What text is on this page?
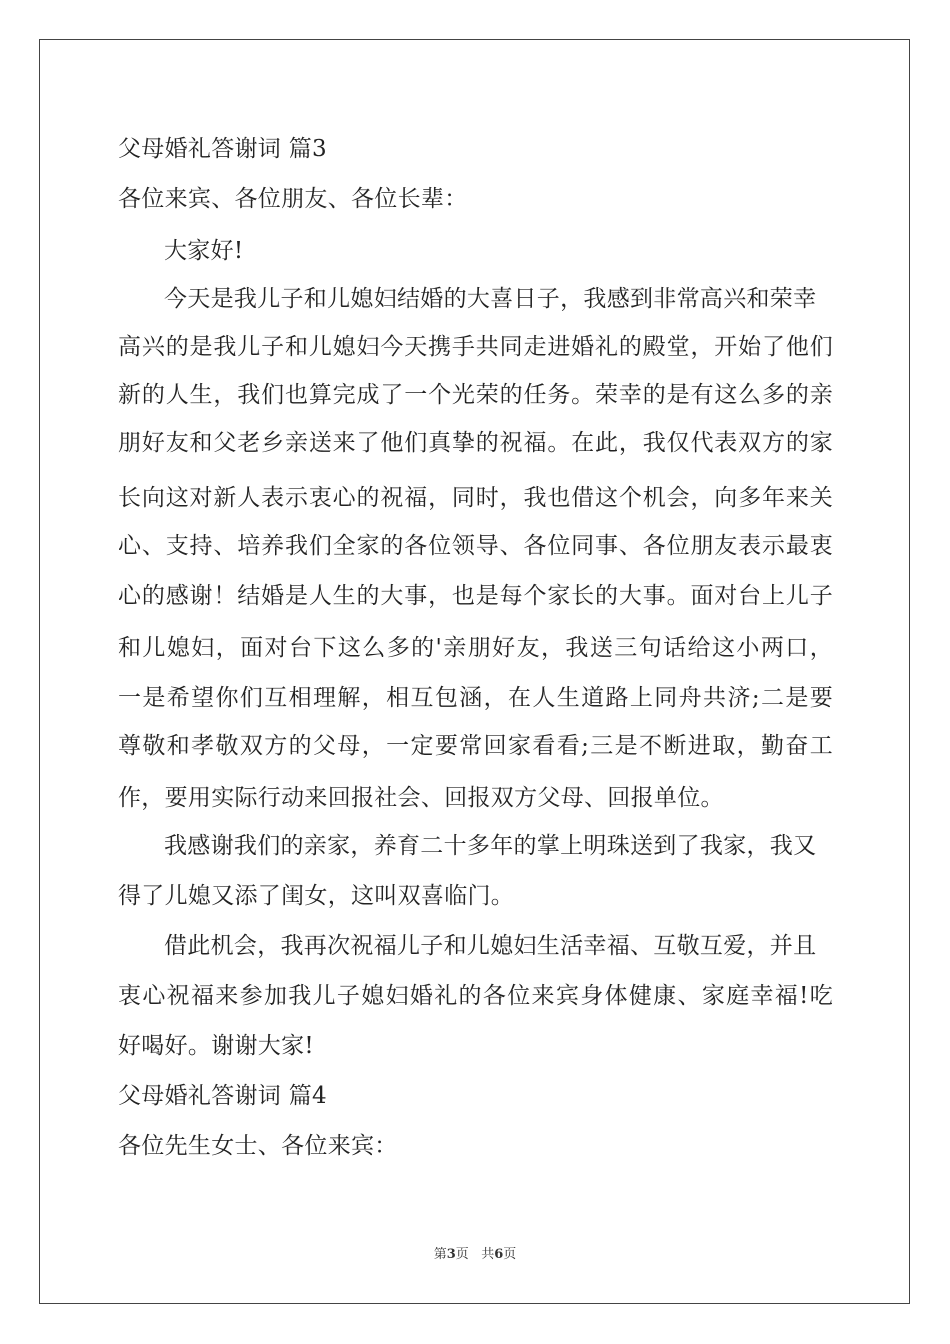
父母婚礼答谢词 篇3
各位来宾、各位朋友、各位长辈：
大家好!
今天是我儿子和儿媳妇结婚的大喜日子，我感到非常高兴和荣幸
高兴的是我儿子和儿媳妇今天携手共同走进婚礼的殿堂，开始了他们
新的人生，我们也算完成了一个光荣的任务。荣幸的是有这么多的亲
朋好友和父老乡亲送来了他们真挚的祝福。在此，我仅代表双方的家
长向这对新人表示衷心的祝福，同时，我也借这个机会，向多年来关
心、支持、培养我们全家的各位领导、各位同事、各位朋友表示最衷
心的感谢！结婚是人生的大事，也是每个家长的大事。面对台上儿子
和儿媳妇，面对台下这么多的'亲朋好友，我送三句话给这小两口，
一是希望你们互相理解，相互包涵，在人生道路上同舟共济;二是要
尊敬和孝敬双方的父母，一定要常回家看看;三是不断进取，勤奋工
作，要用实际行动来回报社会、回报双方父母、回报单位。
我感谢我们的亲家，养育二十多年的掌上明珠送到了我家，我又
得了儿媳又添了闺女，这叫双喜临门。
借此机会，我再次祝福儿子和儿媳妇生活幸福、互敬互爱，并且
衷心祝福来参加我儿子媳妇婚礼的各位来宾身体健康、家庭幸福!吃
好喝好。谢谢大家!
父母婚礼答谢词 篇4
各位先生女士、各位来宾：
第3页 共6页
